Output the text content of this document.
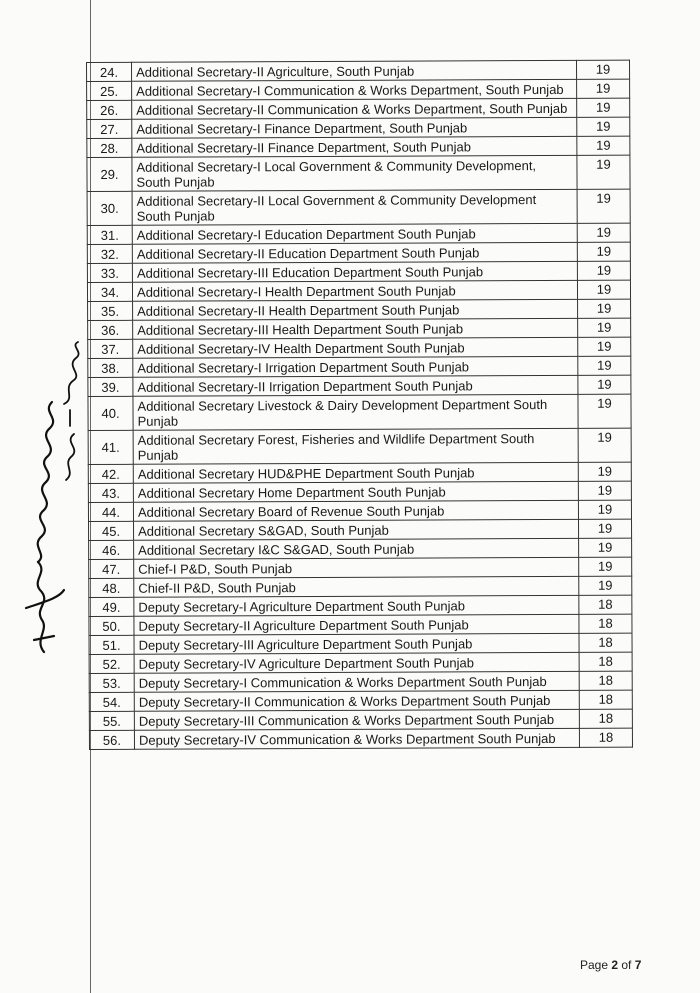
24.	Additional Secretary-II Agriculture, South Punjab	19
25.	Additional Secretary-I Communication & Works Department, South Punjab	19
26.	Additional Secretary-II Communication & Works Department, South Punjab	19
27.	Additional Secretary-I Finance Department, South Punjab	19
28.	Additional Secretary-II Finance Department, South Punjab	19
29.	Additional Secretary-I Local Government & Community Development, South Punjab	19
30.	Additional Secretary-II Local Government & Community Development South Punjab	19
31.	Additional Secretary-I Education Department South Punjab	19
32.	Additional Secretary-II Education Department South Punjab	19
33.	Additional Secretary-III Education Department South Punjab	19
34.	Additional Secretary-I Health Department South Punjab	19
35.	Additional Secretary-II Health Department South Punjab	19
36.	Additional Secretary-III Health Department South Punjab	19
37.	Additional Secretary-IV Health Department South Punjab	19
38.	Additional Secretary-I Irrigation Department South Punjab	19
39.	Additional Secretary-II Irrigation Department South Punjab	19
40.	Additional Secretary Livestock & Dairy Development Department South Punjab	19
41.	Additional Secretary Forest, Fisheries and Wildlife Department South Punjab	19
42.	Additional Secretary HUD&PHE Department South Punjab	19
43.	Additional Secretary Home Department South Punjab	19
44.	Additional Secretary Board of Revenue South Punjab	19
45.	Additional Secretary S&GAD, South Punjab	19
46.	Additional Secretary I&C S&GAD, South Punjab	19
47.	Chief-I P&D, South Punjab	19
48.	Chief-II P&D, South Punjab	19
49.	Deputy Secretary-I Agriculture Department South Punjab	18
50.	Deputy Secretary-II Agriculture Department South Punjab	18
51.	Deputy Secretary-III Agriculture Department South Punjab	18
52.	Deputy Secretary-IV Agriculture Department South Punjab	18
53.	Deputy Secretary-I Communication & Works Department South Punjab	18
54.	Deputy Secretary-II Communication & Works Department South Punjab	18
55.	Deputy Secretary-III Communication & Works Department South Punjab	18
56.	Deputy Secretary-IV Communication & Works Department South Punjab	18
Page 2 of 7
